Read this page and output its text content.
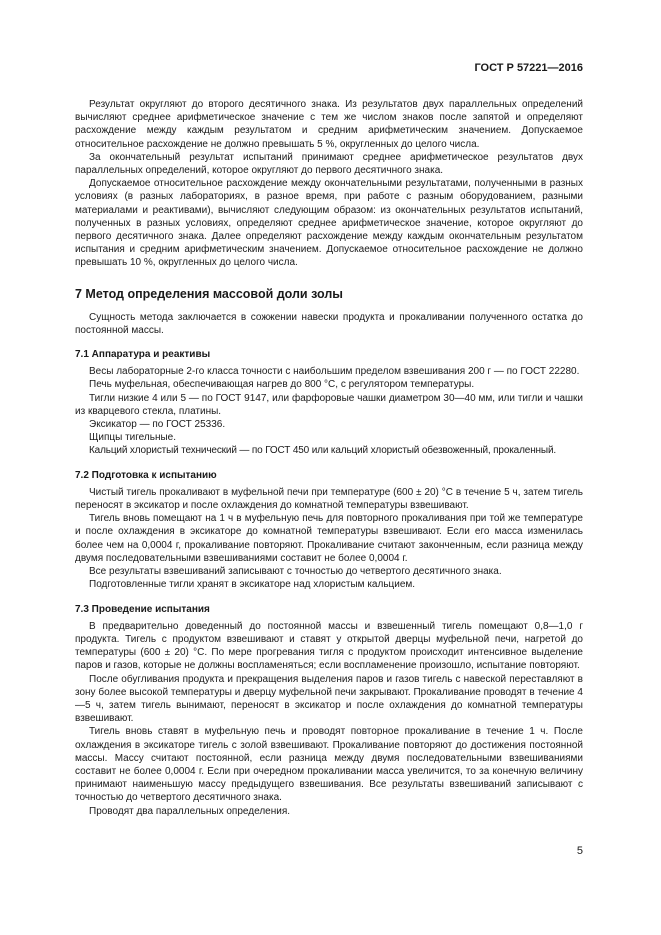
ГОСТ Р 57221—2016

Результат округляют до второго десятичного знака. Из результатов двух параллельных определений вычисляют среднее арифметическое значение с тем же числом знаков после запятой и определяют расхождение между каждым результатом и средним арифметическим значением. Допускаемое относительное расхождение не должно превышать 5 %, округленных до целого числа.

За окончательный результат испытаний принимают среднее арифметическое результатов двух параллельных определений, которое округляют до первого десятичного знака.

Допускаемое относительное расхождение между окончательными результатами, полученными в разных условиях (в разных лабораториях, в разное время, при работе с разным оборудованием, разными материалами и реактивами), вычисляют следующим образом: из окончательных результатов испытаний, полученных в разных условиях, определяют среднее арифметическое значение, которое округляют до первого десятичного знака. Далее определяют расхождение между каждым окончательным результатом испытания и средним арифметическим значением. Допускаемое относительное расхождение не должно превышать 10 %, округленных до целого числа.

7 Метод определения массовой доли золы

Сущность метода заключается в сожжении навески продукта и прокаливании полученного остатка до постоянной массы.

7.1 Аппаратура и реактивы

Весы лабораторные 2-го класса точности с наибольшим пределом взвешивания 200 г — по ГОСТ 22280.

Печь муфельная, обеспечивающая нагрев до 800 °С, с регулятором температуры.

Тигли низкие 4 или 5 — по ГОСТ 9147, или фарфоровые чашки диаметром 30—40 мм, или тигли и чашки из кварцевого стекла, платины.

Эксикатор — по ГОСТ 25336.

Щипцы тигельные.

Кальций хлористый технический — по ГОСТ 450 или кальций хлористый обезвоженный, прокаленный.

7.2 Подготовка к испытанию

Чистый тигель прокаливают в муфельной печи при температуре (600 ± 20) °С в течение 5 ч, затем тигель переносят в эксикатор и после охлаждения до комнатной температуры взвешивают.

Тигель вновь помещают на 1 ч в муфельную печь для повторного прокаливания при той же температуре и после охлаждения в эксикаторе до комнатной температуры взвешивают. Если его масса изменилась более чем на 0,0004 г, прокаливание повторяют. Прокаливание считают законченным, если разница между двумя последовательными взвешиваниями составит не более 0,0004 г.

Все результаты взвешиваний записывают с точностью до четвертого десятичного знака.

Подготовленные тигли хранят в эксикаторе над хлористым кальцием.

7.3 Проведение испытания

В предварительно доведенный до постоянной массы и взвешенный тигель помещают 0,8—1,0 г продукта. Тигель с продуктом взвешивают и ставят у открытой дверцы муфельной печи, нагретой до температуры (600 ± 20) °С. По мере прогревания тигля с продуктом происходит интенсивное выделение паров и газов, которые не должны воспламеняться; если воспламенение произошло, испытание повторяют.

После обугливания продукта и прекращения выделения паров и газов тигель с навеской переставляют в зону более высокой температуры и дверцу муфельной печи закрывают. Прокаливание проводят в течение 4—5 ч, затем тигель вынимают, переносят в эксикатор и после охлаждения до комнатной температуры взвешивают.

Тигель вновь ставят в муфельную печь и проводят повторное прокаливание в течение 1 ч. После охлаждения в эксикаторе тигель с золой взвешивают. Прокаливание повторяют до достижения постоянной массы. Массу считают постоянной, если разница между двумя последовательными взвешиваниями составит не более 0,0004 г. Если при очередном прокаливании масса увеличится, то за конечную величину принимают наименьшую массу предыдущего взвешивания. Все результаты взвешиваний записывают с точностью до четвертого десятичного знака.

Проводят два параллельных определения.

5
